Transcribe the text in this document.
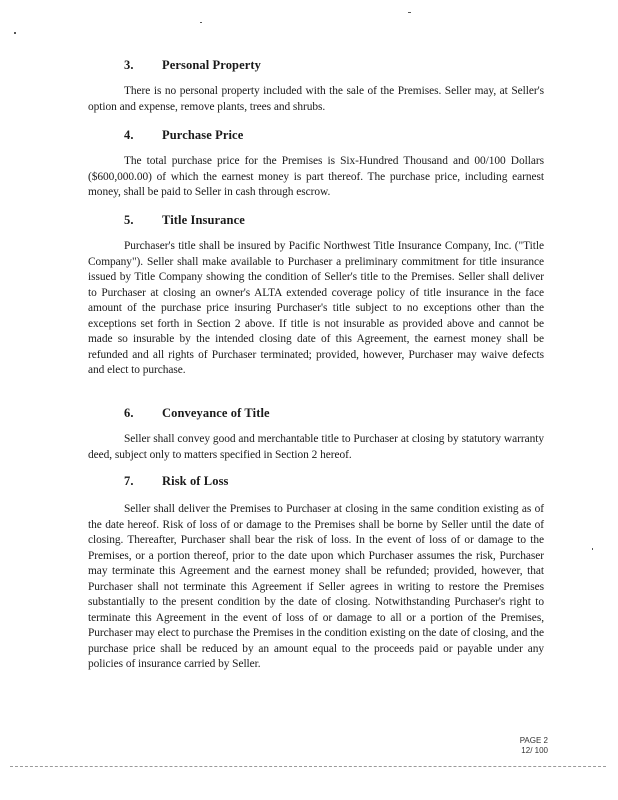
3. Personal Property
There is no personal property included with the sale of the Premises. Seller may, at Seller's option and expense, remove plants, trees and shrubs.
4. Purchase Price
The total purchase price for the Premises is Six-Hundred Thousand and 00/100 Dollars ($600,000.00) of which the earnest money is part thereof. The purchase price, including earnest money, shall be paid to Seller in cash through escrow.
5. Title Insurance
Purchaser's title shall be insured by Pacific Northwest Title Insurance Company, Inc. ("Title Company"). Seller shall make available to Purchaser a preliminary commitment for title insurance issued by Title Company showing the condition of Seller's title to the Premises. Seller shall deliver to Purchaser at closing an owner's ALTA extended coverage policy of title insurance in the face amount of the purchase price insuring Purchaser's title subject to no exceptions other than the exceptions set forth in Section 2 above. If title is not insurable as provided above and cannot be made so insurable by the intended closing date of this Agreement, the earnest money shall be refunded and all rights of Purchaser terminated; provided, however, Purchaser may waive defects and elect to purchase.
6. Conveyance of Title
Seller shall convey good and merchantable title to Purchaser at closing by statutory warranty deed, subject only to matters specified in Section 2 hereof.
7. Risk of Loss
Seller shall deliver the Premises to Purchaser at closing in the same condition existing as of the date hereof. Risk of loss of or damage to the Premises shall be borne by Seller until the date of closing. Thereafter, Purchaser shall bear the risk of loss. In the event of loss of or damage to the Premises, or a portion thereof, prior to the date upon which Purchaser assumes the risk, Purchaser may terminate this Agreement and the earnest money shall be refunded; provided, however, that Purchaser shall not terminate this Agreement if Seller agrees in writing to restore the Premises substantially to the present condition by the date of closing. Notwithstanding Purchaser's right to terminate this Agreement in the event of loss of or damage to all or a portion of the Premises, Purchaser may elect to purchase the Premises in the condition existing on the date of closing, and the purchase price shall be reduced by an amount equal to the proceeds paid or payable under any policies of insurance carried by Seller.
PAGE 2
12/ 100
